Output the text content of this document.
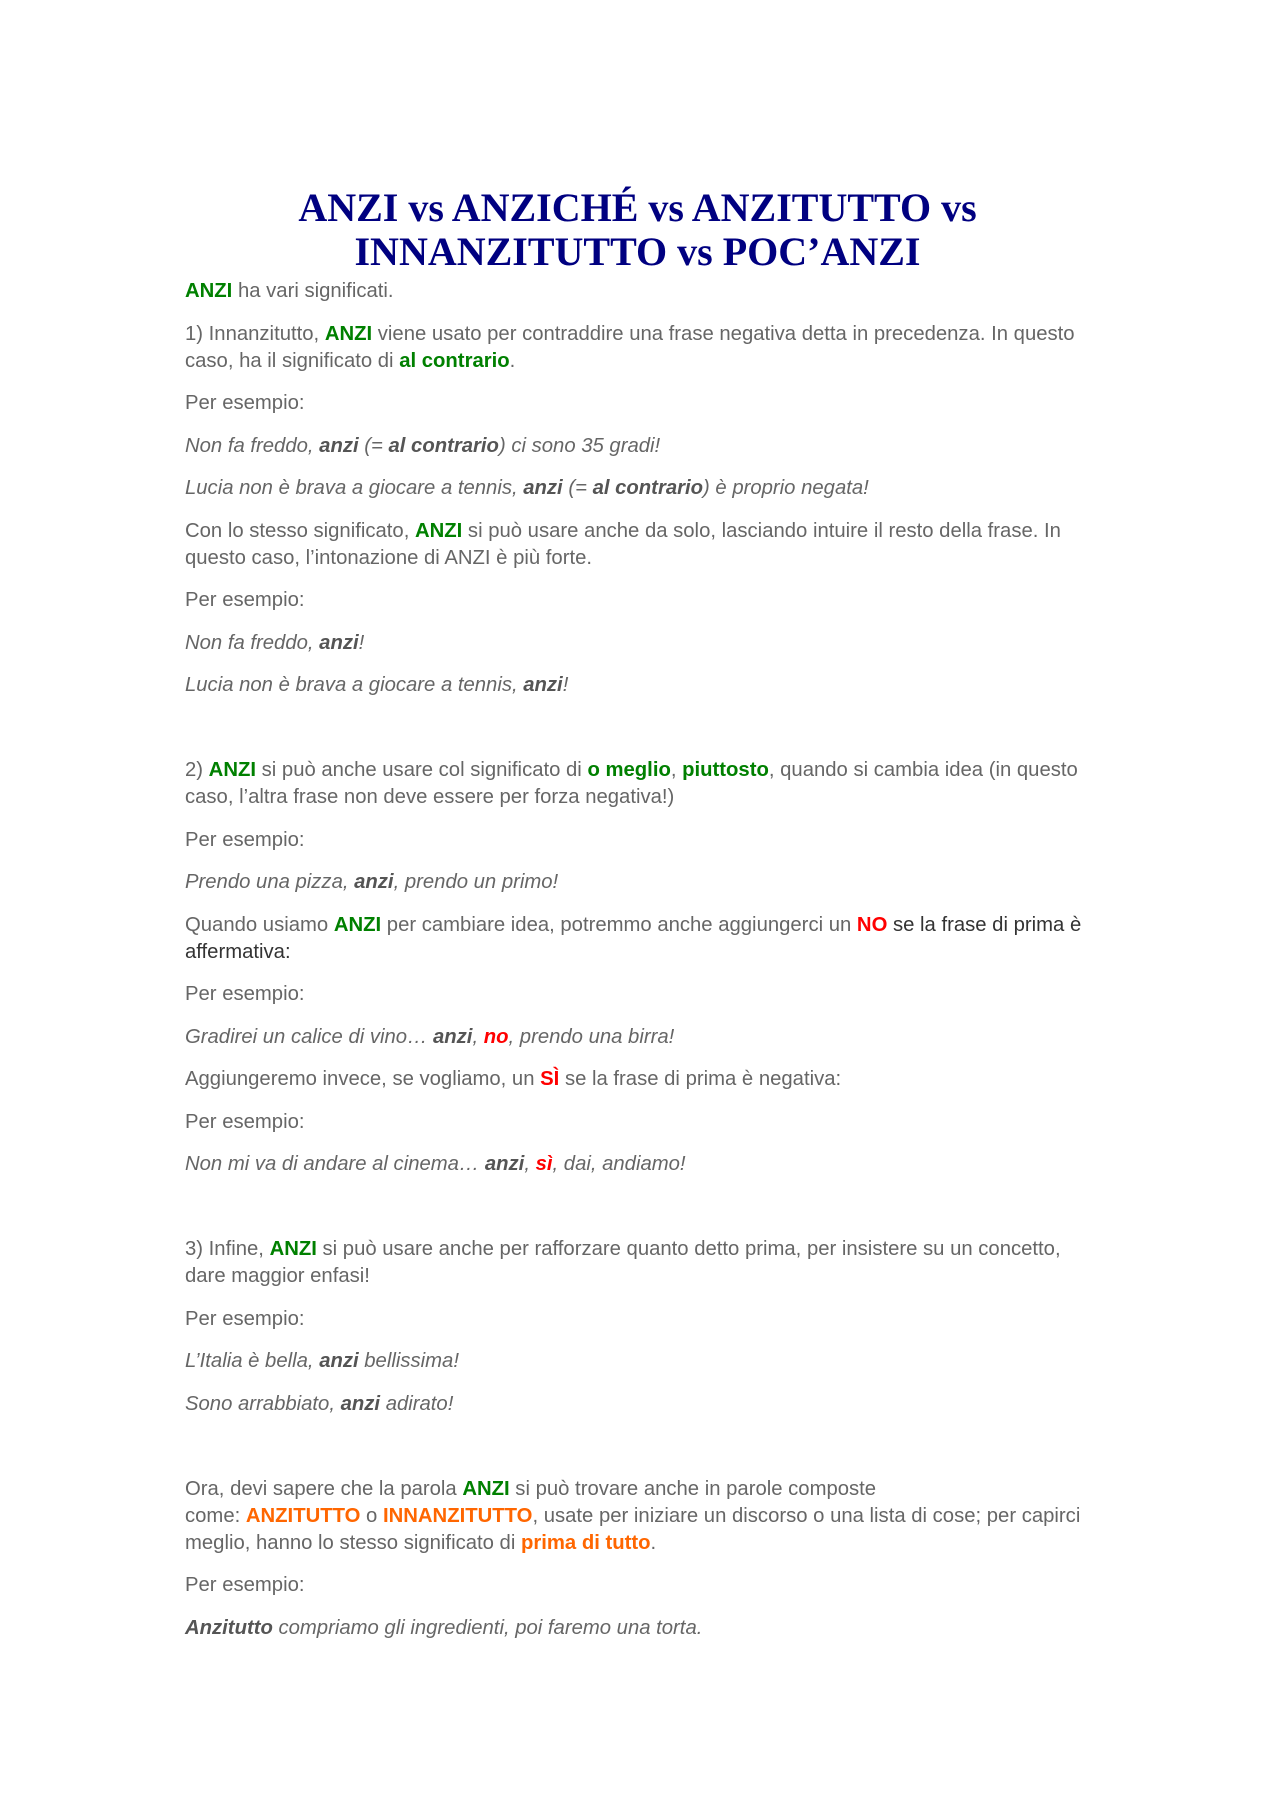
ANZI vs ANZICHÉ vs ANZITUTTO vs
INNANZITUTTO vs POC’ANZI

ANZI ha vari significati.

1) Innanzitutto, ANZI viene usato per contraddire una frase negativa detta in precedenza. In questo caso, ha il significato di al contrario.

Per esempio:

Non fa freddo, anzi (= al contrario) ci sono 35 gradi!

Lucia non è brava a giocare a tennis, anzi (= al contrario) è proprio negata!

Con lo stesso significato, ANZI si può usare anche da solo, lasciando intuire il resto della frase. In questo caso, l’intonazione di ANZI è più forte.

Per esempio:

Non fa freddo, anzi!

Lucia non è brava a giocare a tennis, anzi!

2) ANZI si può anche usare col significato di o meglio, piuttosto, quando si cambia idea (in questo caso, l’altra frase non deve essere per forza negativa!)

Per esempio:

Prendo una pizza, anzi, prendo un primo!

Quando usiamo ANZI per cambiare idea, potremmo anche aggiungerci un NO se la frase di prima è affermativa:

Per esempio:

Gradirei un calice di vino… anzi, no, prendo una birra!

Aggiungeremo invece, se vogliamo, un SÌ se la frase di prima è negativa:

Per esempio:

Non mi va di andare al cinema… anzi, sì, dai, andiamo!

3) Infine, ANZI si può usare anche per rafforzare quanto detto prima, per insistere su un concetto, dare maggior enfasi!

Per esempio:

L’Italia è bella, anzi bellissima!

Sono arrabbiato, anzi adirato!

Ora, devi sapere che la parola ANZI si può trovare anche in parole composte
come: ANZITUTTO o INNANZITUTTO, usate per iniziare un discorso o una lista di cose; per capirci meglio, hanno lo stesso significato di prima di tutto.

Per esempio:

Anzitutto compriamo gli ingredienti, poi faremo una torta.
